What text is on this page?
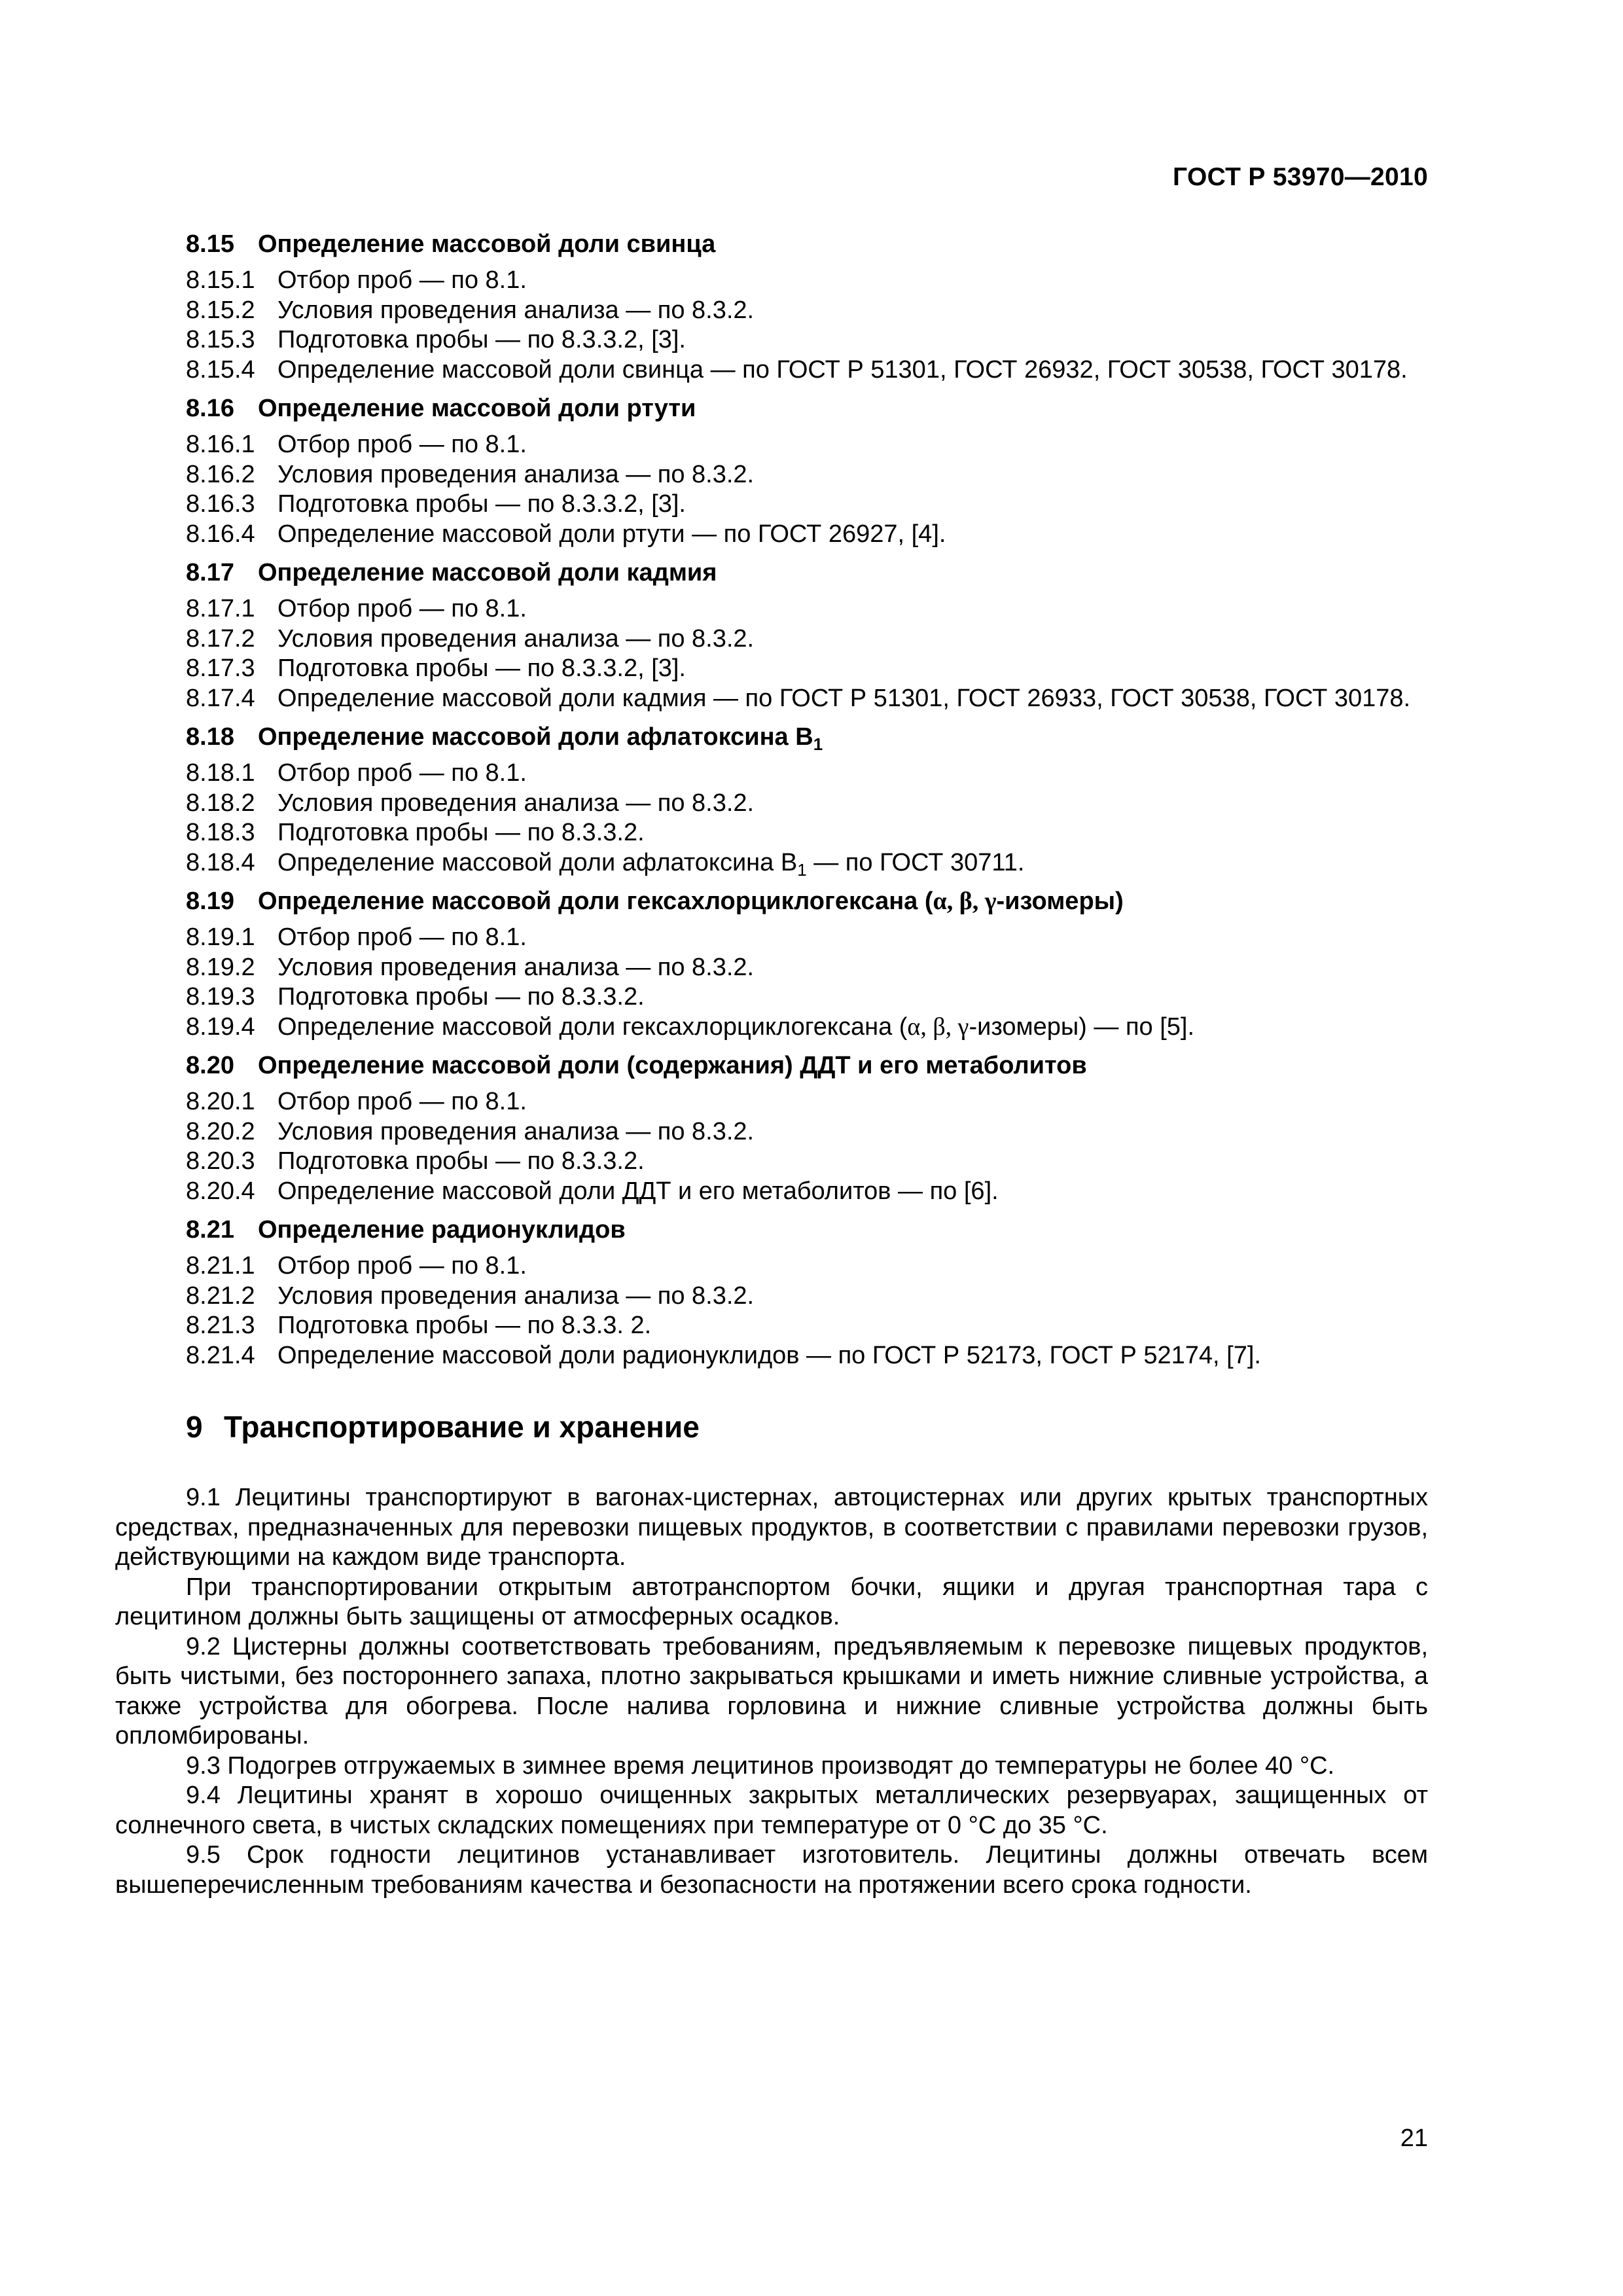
ГОСТ Р 53970—2010
8.15 Определение массовой доли свинца

8.15.1 Отбор проб — по 8.1.

8.15.2 Условия проведения анализа — по 8.3.2.

8.15.3 Подготовка пробы — по 8.3.3.2, [3].

8.15.4 Определение массовой доли свинца — по ГОСТ Р 51301, ГОСТ 26932, ГОСТ 30538, ГОСТ 30178.

8.16 Определение массовой доли ртути

8.16.1 Отбор проб — по 8.1.

8.16.2 Условия проведения анализа — по 8.3.2.

8.16.3 Подготовка пробы — по 8.3.3.2, [3].

8.16.4 Определение массовой доли ртути — по ГОСТ 26927, [4].

8.17 Определение массовой доли кадмия

8.17.1 Отбор проб — по 8.1.

8.17.2 Условия проведения анализа — по 8.3.2.

8.17.3 Подготовка пробы — по 8.3.3.2, [3].

8.17.4 Определение массовой доли кадмия — по ГОСТ Р 51301, ГОСТ 26933, ГОСТ 30538, ГОСТ 30178.

8.18 Определение массовой доли афлатоксина $В_1$

8.18.1 Отбор проб — по 8.1.

8.18.2 Условия проведения анализа — по 8.3.2.

8.18.3 Подготовка пробы — по 8.3.3.2.

8.18.4 Определение массовой доли афлатоксина $В_1$ — по ГОСТ 30711.

8.19 Определение массовой доли гексахлорциклогексана (α, β, γ-изомеры)

8.19.1 Отбор проб — по 8.1.

8.19.2 Условия проведения анализа — по 8.3.2.

8.19.3 Подготовка пробы — по 8.3.3.2.

8.19.4 Определение массовой доли гексахлорциклогексана (α, β, γ-изомеры) — по [5].

8.20 Определение массовой доли (содержания) ДДТ и его метаболитов

8.20.1 Отбор проб — по 8.1.

8.20.2 Условия проведения анализа — по 8.3.2.

8.20.3 Подготовка пробы — по 8.3.3.2.

8.20.4 Определение массовой доли ДДТ и его метаболитов — по [6].

8.21 Определение радионуклидов

8.21.1 Отбор проб — по 8.1.

8.21.2 Условия проведения анализа — по 8.3.2.

8.21.3 Подготовка пробы — по 8.3.3. 2.

8.21.4 Определение массовой доли радионуклидов — по ГОСТ Р 52173, ГОСТ Р 52174, [7].

9 Транспортирование и хранение

9.1 Лецитины транспортируют в вагонах-цистернах, автоцистернах или других крытых транспортных средствах, предназначенных для перевозки пищевых продуктов, в соответствии с правилами перевозки грузов, действующими на каждом виде транспорта.

При транспортировании открытым автотранспортом бочки, ящики и другая транспортная тара с лецитином должны быть защищены от атмосферных осадков.

9.2 Цистерны должны соответствовать требованиям, предъявляемым к перевозке пищевых продуктов, быть чистыми, без постороннего запаха, плотно закрываться крышками и иметь нижние сливные устройства, а также устройства для обогрева. После налива горловина и нижние сливные устройства должны быть опломбированы.

9.3 Подогрев отгружаемых в зимнее время лецитинов производят до температуры не более 40 °С.

9.4 Лецитины хранят в хорошо очищенных закрытых металлических резервуарах, защищенных от солнечного света, в чистых складских помещениях при температуре от 0 °С до 35 °С.

9.5 Срок годности лецитинов устанавливает изготовитель. Лецитины должны отвечать всем вышеперечисленным требованиям качества и безопасности на протяжении всего срока годности.

21
